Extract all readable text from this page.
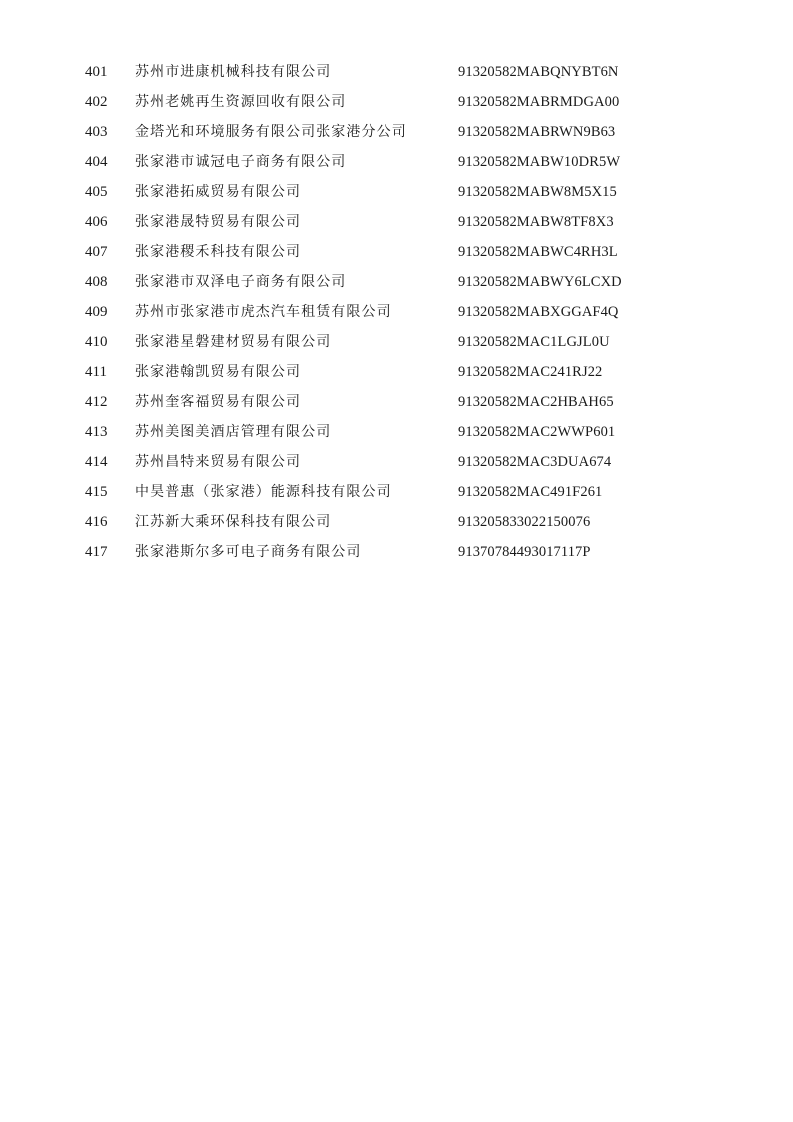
401 苏州市进康机械科技有限公司	91320582MABQNYBT6N
402 苏州老姚再生资源回收有限公司	91320582MABRMDGA00
403 金塔光和环境服务有限公司张家港分公司	91320582MABRWN9B63
404 张家港市诚冠电子商务有限公司	91320582MABW10DR5W
405 张家港拓威贸易有限公司	91320582MABW8M5X15
406 张家港晟特贸易有限公司	91320582MABW8TF8X3
407 张家港稷禾科技有限公司	91320582MABWC4RH3L
408 张家港市双泽电子商务有限公司	91320582MABWY6LCXD
409 苏州市张家港市虎杰汽车租赁有限公司	91320582MABXGGAF4Q
410 张家港星磐建材贸易有限公司	91320582MAC1LGJL0U
411 张家港翰凯贸易有限公司	91320582MAC241RJ22
412 苏州奎客福贸易有限公司	91320582MAC2HBAH65
413 苏州美图美酒店管理有限公司	91320582MAC2WWP601
414 苏州昌特来贸易有限公司	91320582MAC3DUA674
415 中昊普惠（张家港）能源科技有限公司	91320582MAC491F261
416 江苏新大乘环保科技有限公司	913205833022150076
417 张家港斯尔多可电子商务有限公司	91370784493017117P
